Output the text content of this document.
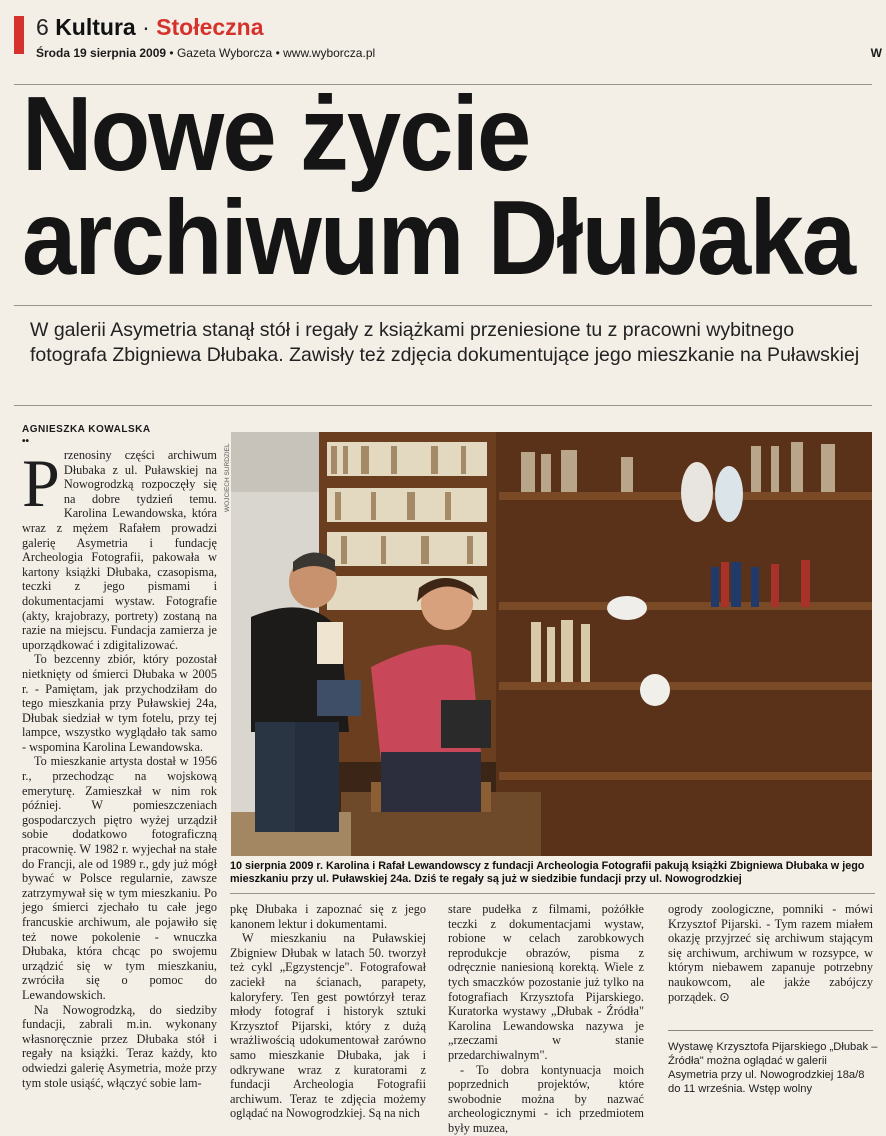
6 Kultura · Stołeczna
Środa 19 sierpnia 2009 • Gazeta Wyborcza • www.wyborcza.pl	W
Nowe życie
archiwum Dłubaka
W galerii Asymetria stanął stół i regały z książkami przeniesione tu z pracowni wybitnego fotografa Zbigniewa Dłubaka. Zawisły też zdjęcia dokumentujące jego mieszkanie na Puławskiej
AGNIESZKA KOWALSKA
••

Przenosiny części archiwum Dłubaka z ul. Puławskiej na Nowogrodzką rozpoczęły się na dobre tydzień temu. Karolina Lewandowska, która wraz z mężem Rafałem prowadzi galerię Asymetria i fundację Archeologia Fotografii, pakowała w kartony książki Dłubaka, czasopisma, teczki z jego pismami i dokumentacjami wystaw. Fotografie (akty, krajobrazy, portrety) zostaną na razie na miejscu. Fundacja zamierza je uporządkować i zdigitalizować.

To bezcenny zbiór, który pozostał nietknięty od śmierci Dłubaka w 2005 r. - Pamiętam, jak przychodziłam do tego mieszkania przy Puławskiej 24a, Dłubak siedział w tym fotelu, przy tej lampce, wszystko wyglądało tak samo - wspomina Karolina Lewandowska.

To mieszkanie artysta dostał w 1956 r., przechodząc na wojskową emeryturę. Zamieszkał w nim rok później. W pomieszczeniach gospodarczych piętro wyżej urządził sobie dodatkowo fotograficzną pracownię. W 1982 r. wyjechał na stałe do Francji, ale od 1989 r., gdy już mógł bywać w Polsce regularnie, zawsze zatrzymywał się w tym mieszkaniu. Po jego śmierci zjechało tu całe jego francuskie archiwum, ale pojawiło się też nowe pokolenie - wnuczka Dłubaka, która chcąc po swojemu urządzić się w tym mieszkaniu, zwróciła się o pomoc do Lewandowskich.

Na Nowogrodzką, do siedziby fundacji, zabrali m.in. wykonany własnoręcznie przez Dłubaka stół i regały na książki. Teraz każdy, kto odwiedzi galerię Asymetria, może przy tym stole usiąść, włączyć sobie lam-

WOJCIECH SURDZIEL
10 sierpnia 2009 r. Karolina i Rafał Lewandowscy z fundacji Archeologia Fotografii pakują książki Zbigniewa Dłubaka w jego mieszkaniu przy ul. Puławskiej 24a. Dziś te regały są już w siedzibie fundacji przy ul. Nowogrodzkiej

pkę Dłubaka i zapoznać się z jego kanonem lektur i dokumentami.

W mieszkaniu na Puławskiej Zbigniew Dłubak w latach 50. tworzył też cykl „Egzystencje". Fotografował zaciekł na ścianach, parapety, kaloryfery. Ten gest powtórzył teraz młody fotograf i historyk sztuki Krzysztof Pijarski, który z dużą wrażliwością udokumentował zarówno samo mieszkanie Dłubaka, jak i odkrywane wraz z kuratorami z fundacji Archeologia Fotografii archiwum. Teraz te zdjęcia możemy oglądać na Nowogrodzkiej. Są na nich

stare pudełka z filmami, pożółkłe teczki z dokumentacjami wystaw, robione w celach zarobkowych reprodukcje obrazów, pisma z odręcznie naniesioną korektą. Wiele z tych smaczków pozostanie już tylko na fotografiach Krzysztofa Pijarskiego. Kuratorka wystawy „Dłubak - Źródła" Karolina Lewandowska nazywa je „rzeczami w stanie przedarchiwalnym".

- To dobra kontynuacja moich poprzednich projektów, które swobodnie można by nazwać archeologicznymi - ich przedmiotem były muzea,

ogrody zoologiczne, pomniki - mówi Krzysztof Pijarski. - Tym razem miałem okazję przyjrzeć się archiwum stającym się archiwum, archiwum w rozsypce, w którym niebawem zapanuje potrzebny naukowcom, ale jakże zabójczy porządek. ⊙

Wystawę Krzysztofa Pijarskiego „Dłubak – Źródła" można oglądać w galerii Asymetria przy ul. Nowogrodzkiej 18a/8 do 11 września. Wstęp wolny
